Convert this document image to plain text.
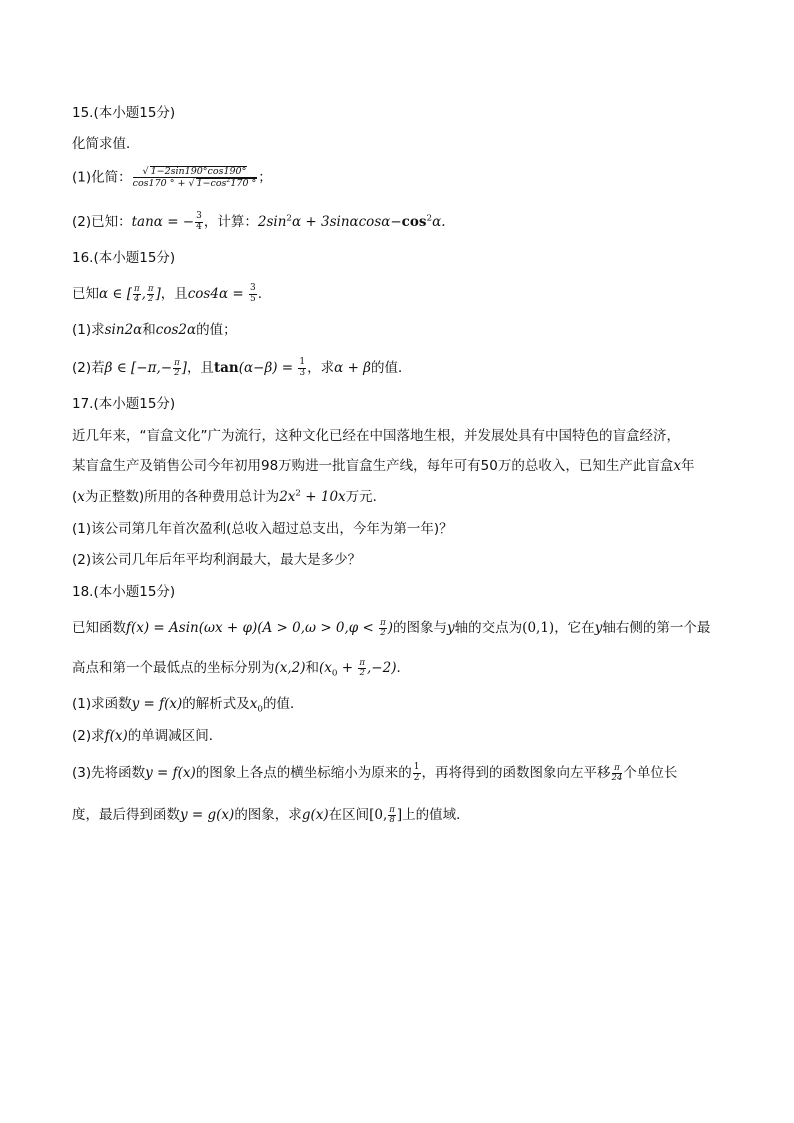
15.(本小题15分)
化简求值．
(1)化简： $\frac{√ 1-2\sin 190^\circ\cos 190^\circ}{\cos 170 ^\circ + √ 1-\cos^2170 ^\circ}$ ；
(2)已知：tanα = − $\frac{3}{4}$ ，计算：$2\sin^2\alpha + 3\sin\alpha\cos\alpha-\cos^2\alpha$.
16.(本小题15分)
已知α ∈ [ $\frac{\pi}{4}$ , $\frac{\pi}{2}$ ]，且$\cos 4\alpha = \frac{3}{5}$ .
(1)求sin2α和cos2α的值；
(2)若β ∈ [$-\pi,- \frac{\pi}{2}$ ]，且$\tan(\alpha-\beta) = \frac{1}{3}$ ，求α + β的值．
17.(本小题15分)
近几年来，“盲盒文化”广为流行，这种文化已经在中国落地生根，并发展处具有中国特色的盲盒经济，
某盲盒生产及销售公司今年初用98万购进一批盲盒生产线，每年可有50万的总收入，已知生产此盲盒x年
(x为正整数)所用的各种费用总计为$2x^2 + 10x$万元．
(1)该公司第几年首次盈利(总收入超过总支出，今年为第一年)？
(2)该公司几年后年平均利润最大，最大是多少？
18.(本小题15分)
已知函数$f(x) = Asin(\omega x + \varphi)(A > 0,\omega > 0,\varphi < \frac{\pi}{2}$ )的图象与y轴的交点为(0,1)，它在y轴右侧的第一个最
高点和第一个最低点的坐标分别为(x,2)和$(x_0 + \frac{\pi}{2} ,-2)$．
(1)求函数y = f(x)的解析式及$x_0$的值．
(2)求f(x)的单调减区间．
(3)先将函数y = f(x)的图象上各点的横坐标缩小为原来的 $\frac{1}{2}$ ，再将得到的函数图象向左平移 $\frac{\pi}{24}$ 个单位长
度，最后得到函数y = g(x)的图象，求g(x)在区间[0, $\frac{\pi}{8}$ ]上的值域．
